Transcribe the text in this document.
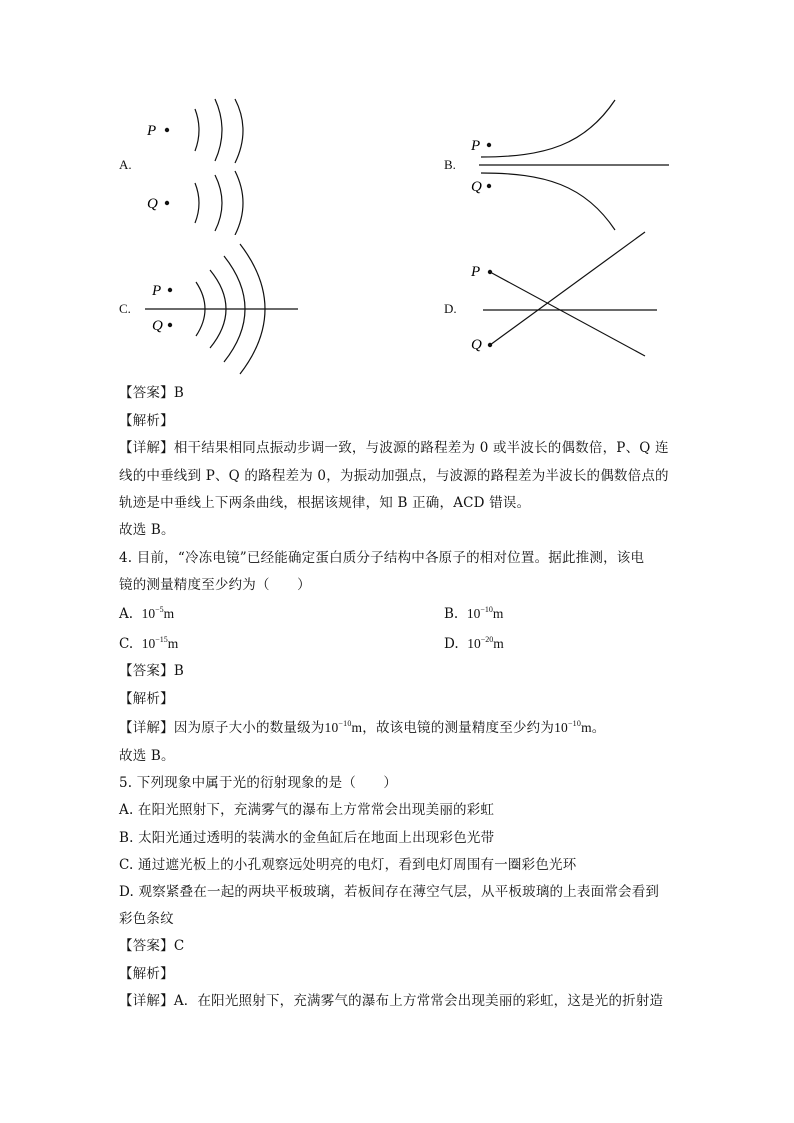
A.
P
Q
B.
P
Q
C.
P
Q
D.
P
Q
【 答案 】 B
【 解析 】
【 详解 】 相干结果相同点振动步调一致，与波源的路程差为 0 或半波长的偶数倍，P、Q 连
线的中垂线到 P、Q 的路程差为 0，为振动加强点，与波源的路程差为半波长的偶数倍点的
轨迹是中垂线上下两条曲线，根据该规律，知 B 正确，ACD 错误。
故选 B。
4. 目前，“冷冻电镜”已经能确定蛋白质分子结构中各原子的相对位置。据此推测，该电
镜的测量精度至少约为（　　）
A. $10^{-5}m$	B. $10^{-10}m$
C. $10^{-15}m$	D. $10^{-20}m$
【 答案 】 B
【 解析 】
【 详解 】 因为原子大小的数量级为$10^{-10}m$，故该电镜的测量精度至少约为$10^{-10}m$。
故选 B。
5. 下列现象中属于光的衍射现象的是（　　）
A. 在阳光照射下，充满雾气的瀑布上方常常会出现美丽的彩虹
B. 太阳光通过透明的装满水的金鱼缸后在地面上出现彩色光带
C. 通过遮光板上的小孔观察远处明亮的电灯，看到电灯周围有一圈彩色光环
D. 观察紧叠在一起的两块平板玻璃，若板间存在薄空气层，从平板玻璃的上表面常会看到
彩色条纹
【 答案 】 C
【 解析 】
【 详解 】 A．在阳光照射下，充满雾气的瀑布上方常常会出现美丽的彩虹，这是光的折射造
